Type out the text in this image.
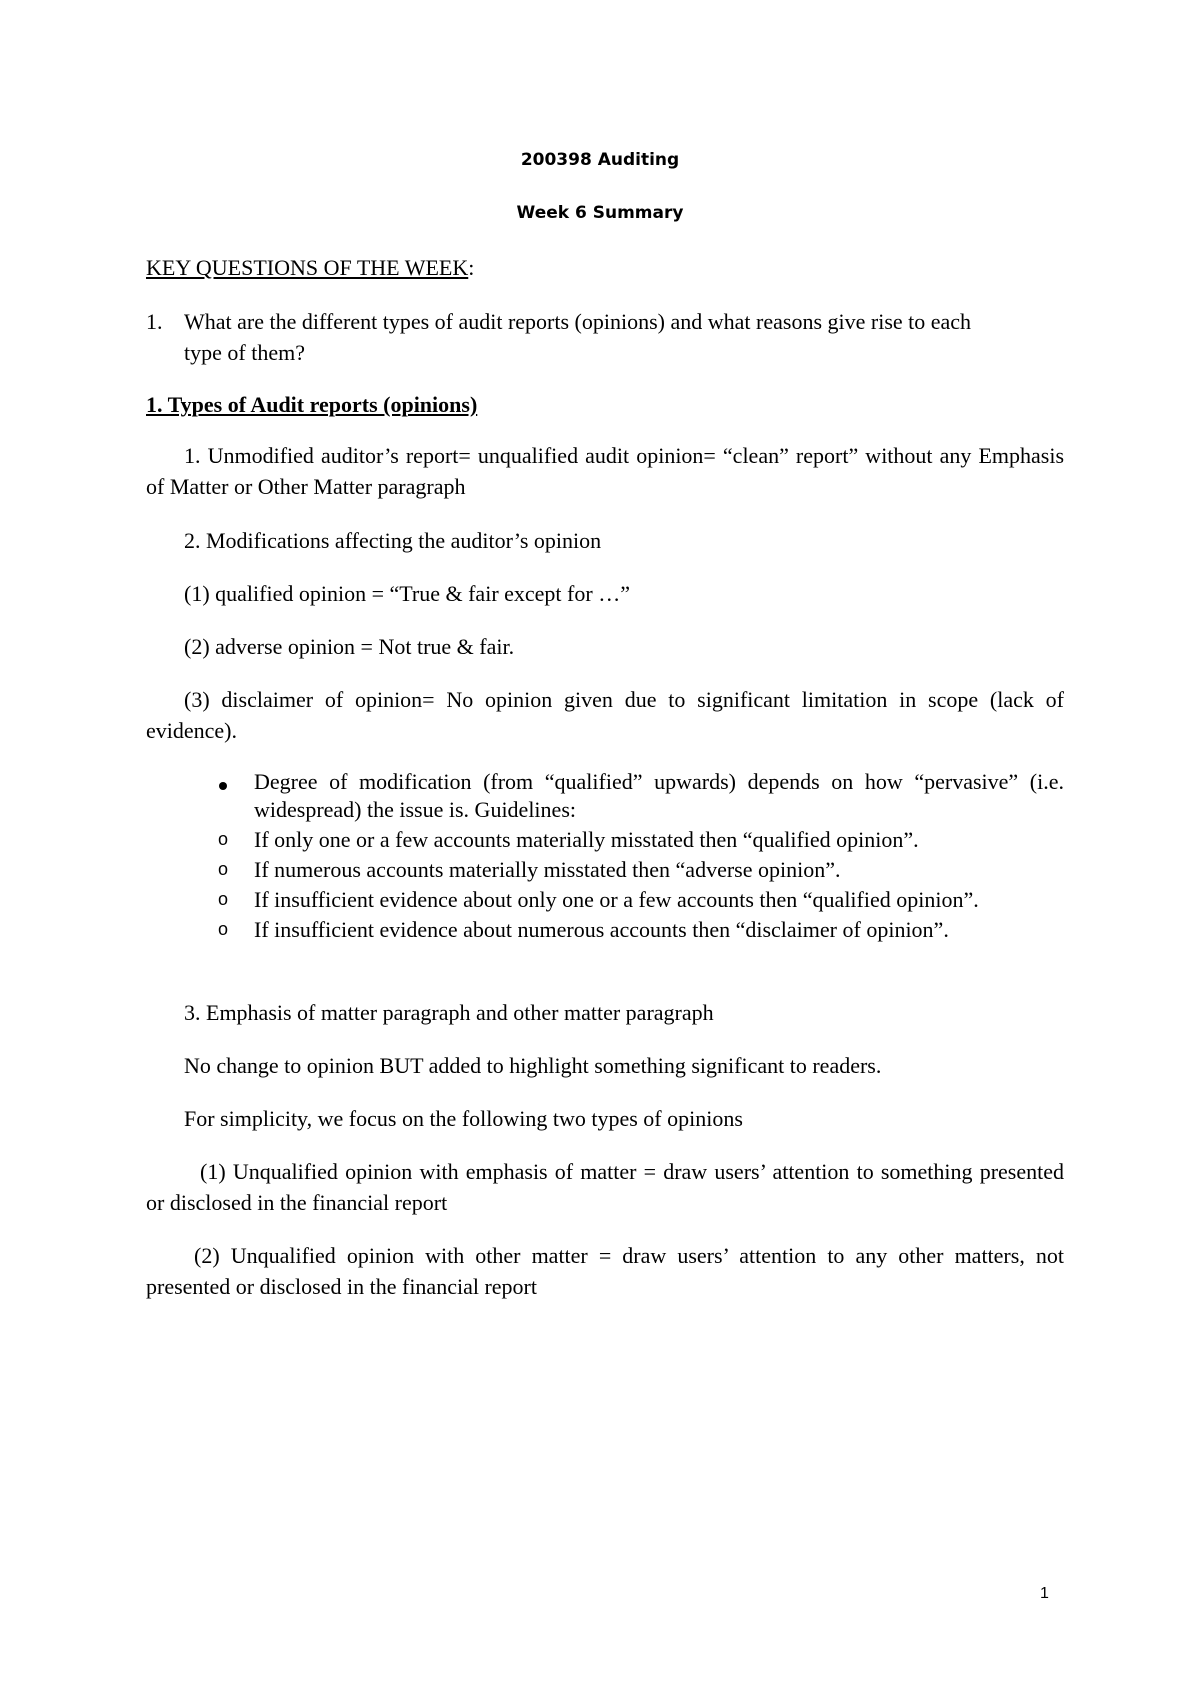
200398 Auditing
Week 6 Summary
KEY QUESTIONS OF THE WEEK:
1. What are the different types of audit reports (opinions) and what reasons give rise to each
type of them?
1. Types of Audit reports (opinions)
1. Unmodified auditor’s report= unqualified audit opinion= “clean” report” without any Emphasis of Matter or Other Matter paragraph
2. Modifications affecting the auditor’s opinion
(1) qualified opinion = “True & fair except for …”
(2) adverse opinion = Not true & fair.
(3) disclaimer of opinion= No opinion given due to significant limitation in scope (lack of evidence).
Degree of modification (from “qualified” upwards) depends on how “pervasive” (i.e. widespread) the issue is. Guidelines:
o If only one or a few accounts materially misstated then “qualified opinion”.
o If numerous accounts materially misstated then “adverse opinion”.
o If insufficient evidence about only one or a few accounts then “qualified opinion”.
o If insufficient evidence about numerous accounts then “disclaimer of opinion”.
3. Emphasis of matter paragraph and other matter paragraph
No change to opinion BUT added to highlight something significant to readers.
For simplicity, we focus on the following two types of opinions
(1) Unqualified opinion with emphasis of matter = draw users’ attention to something presented or disclosed in the financial report
(2) Unqualified opinion with other matter = draw users’ attention to any other matters, not presented or disclosed in the financial report
1
